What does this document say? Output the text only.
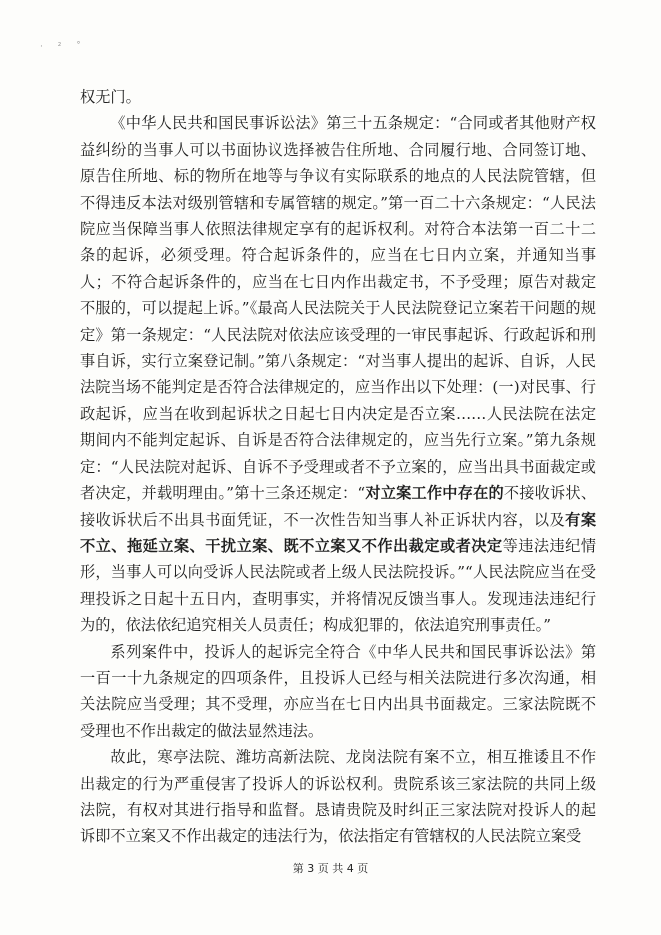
· ² ˚

权无门。

《中华人民共和国民事诉讼法》第三十五条规定：“合同或者其他财产权益纠纷的当事人可以书面协议选择被告住所地、合同履行地、合同签订地、原告住所地、标的物所在地等与争议有实际联系的地点的人民法院管辖，但不得违反本法对级别管辖和专属管辖的规定。”第一百二十六条规定：“人民法院应当保障当事人依照法律规定享有的起诉权利。对符合本法第一百二十二条的起诉，必须受理。符合起诉条件的，应当在七日内立案，并通知当事人；不符合起诉条件的，应当在七日内作出裁定书，不予受理；原告对裁定不服的，可以提起上诉。”《最高人民法院关于人民法院登记立案若干问题的规定》第一条规定：“人民法院对依法应该受理的一审民事起诉、行政起诉和刑事自诉，实行立案登记制。”第八条规定：“对当事人提出的起诉、自诉，人民法院当场不能判定是否符合法律规定的，应当作出以下处理：(一)对民事、行政起诉，应当在收到起诉状之日起七日内决定是否立案……人民法院在法定期间内不能判定起诉、自诉是否符合法律规定的，应当先行立案。”第九条规定：“人民法院对起诉、自诉不予受理或者不予立案的，应当出具书面裁定或者决定，并载明理由。”第十三条还规定：“对立案工作中存在的不接收诉状、接收诉状后不出具书面凭证，不一次性告知当事人补正诉状内容，以及有案不立、拖延立案、干扰立案、既不立案又不作出裁定或者决定等违法违纪情形，当事人可以向受诉人民法院或者上级人民法院投诉。”“人民法院应当在受理投诉之日起十五日内，查明事实，并将情况反馈当事人。发现违法违纪行为的，依法依纪追究相关人员责任；构成犯罪的，依法追究刑事责任。”

系列案件中，投诉人的起诉完全符合《中华人民共和国民事诉讼法》第一百一十九条规定的四项条件，且投诉人已经与相关法院进行多次沟通，相关法院应当受理；其不受理，亦应当在七日内出具书面裁定。三家法院既不受理也不作出裁定的做法显然违法。

故此，寒亭法院、潍坊高新法院、龙岗法院有案不立，相互推诿且不作出裁定的行为严重侵害了投诉人的诉讼权利。贵院系该三家法院的共同上级法院，有权对其进行指导和监督。恳请贵院及时纠正三家法院对投诉人的起诉即不立案又不作出裁定的违法行为，依法指定有管辖权的人民法院立案受

第 3 页 共 4 页
